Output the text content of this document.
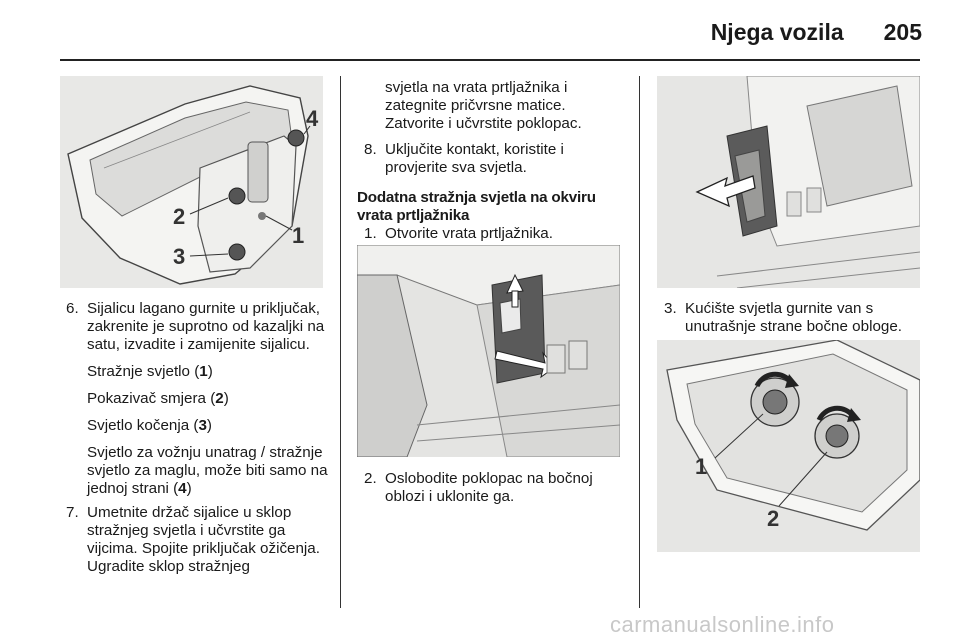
Njega vozila 205
4
2
1
3
1
2
6. Sijalicu lagano gurnite u priključak, zakrenite je suprotno od kazaljki na satu, izvadite i zamijenite sijalicu.

Stražnje svjetlo (1)

Pokazivač smjera (2)

Svjetlo kočenja (3)

Svjetlo za vožnju unatrag / stražnje svjetlo za maglu, može biti samo na jednoj strani (4)

7. Umetnite držač sijalice u sklop stražnjeg svjetla i učvrstite ga vijcima. Spojite priključak ožičenja. Ugradite sklop stražnjeg

svjetla na vrata prtljažnika i zategnite pričvrsne matice. Zatvorite i učvrstite poklopac.

8. Uključite kontakt, koristite i provjerite sva svjetla.

Dodatna stražnja svjetla na okviru vrata prtljažnika

1. Otvorite vrata prtljažnika.

2. Oslobodite poklopac na bočnoj oblozi i uklonite ga.

3. Kućište svjetla gurnite van s unutrašnje strane bočne obloge.

carmanualsonline.info
